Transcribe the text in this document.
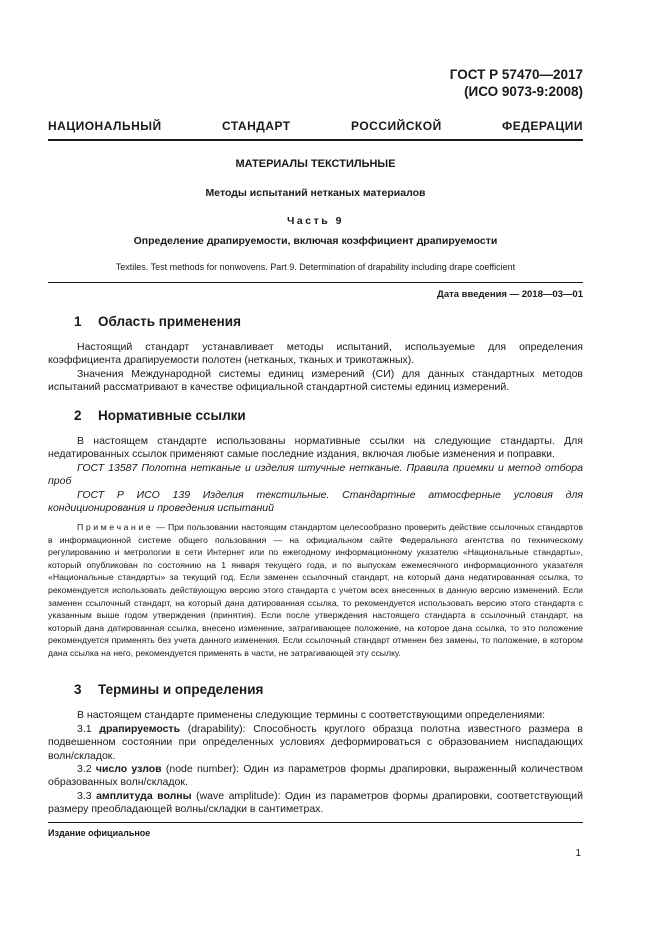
ГОСТ Р 57470—2017
(ИСО 9073-9:2008)
НАЦИОНАЛЬНЫЙ	СТАНДАРТ	РОССИЙСКОЙ	ФЕДЕРАЦИИ
МАТЕРИАЛЫ ТЕКСТИЛЬНЫЕ
Методы испытаний нетканых материалов
Часть 9
Определение драпируемости, включая коэффициент драпируемости
Textiles. Test methods for nonwovens. Part 9. Determination of drapability including drape coefficient
Дата введения — 2018—03—01
1 Область применения
Настоящий стандарт устанавливает методы испытаний, используемые для определения коэффициента драпируемости полотен (нетканых, тканых и трикотажных).
Значения Международной системы единиц измерений (СИ) для данных стандартных методов испытаний рассматривают в качестве официальной стандартной системы единиц измерений.
2 Нормативные ссылки
В настоящем стандарте использованы нормативные ссылки на следующие стандарты. Для недатированных ссылок применяют самые последние издания, включая любые изменения и поправки.
ГОСТ 13587 Полотна нетканые и изделия штучные нетканые. Правила приемки и метод отбора проб
ГОСТ Р ИСО 139 Изделия текстильные. Стандартные атмосферные условия для кондиционирования и проведения испытаний
Примечание — При пользовании настоящим стандартом целесообразно проверить действие ссылочных стандартов в информационной системе общего пользования — на официальном сайте Федерального агентства по техническому регулированию и метрологии в сети Интернет или по ежегодному информационному указателю «Национальные стандарты», который опубликован по состоянию на 1 января текущего года, и по выпускам ежемесячного информационного указателя «Национальные стандарты» за текущий год. Если заменен ссылочный стандарт, на который дана недатированная ссылка, то рекомендуется использовать действующую версию этого стандарта с учетом всех внесенных в данную версию изменений. Если заменен ссылочный стандарт, на который дана датированная ссылка, то рекомендуется использовать версию этого стандарта с указанным выше годом утверждения (принятия). Если после утверждения настоящего стандарта в ссылочный стандарт, на который дана датированная ссылка, внесено изменение, затрагивающее положение, на которое дана ссылка, то это положение рекомендуется применять без учета данного изменения. Если ссылочный стандарт отменен без замены, то положение, в котором дана ссылка на него, рекомендуется применять в части, не затрагивающей эту ссылку.
3 Термины и определения
В настоящем стандарте применены следующие термины с соответствующими определениями:
3.1 драпируемость (drapability): Способность круглого образца полотна известного размера в подвешенном состоянии при определенных условиях деформироваться с образованием ниспадающих волн/складок.
3.2 число узлов (node number): Один из параметров формы драпировки, выраженный количеством образованных волн/складок.
3.3 амплитуда волны (wave amplitude): Один из параметров формы драпировки, соответствующий размеру преобладающей волны/складки в сантиметрах.
Издание официальное
1
